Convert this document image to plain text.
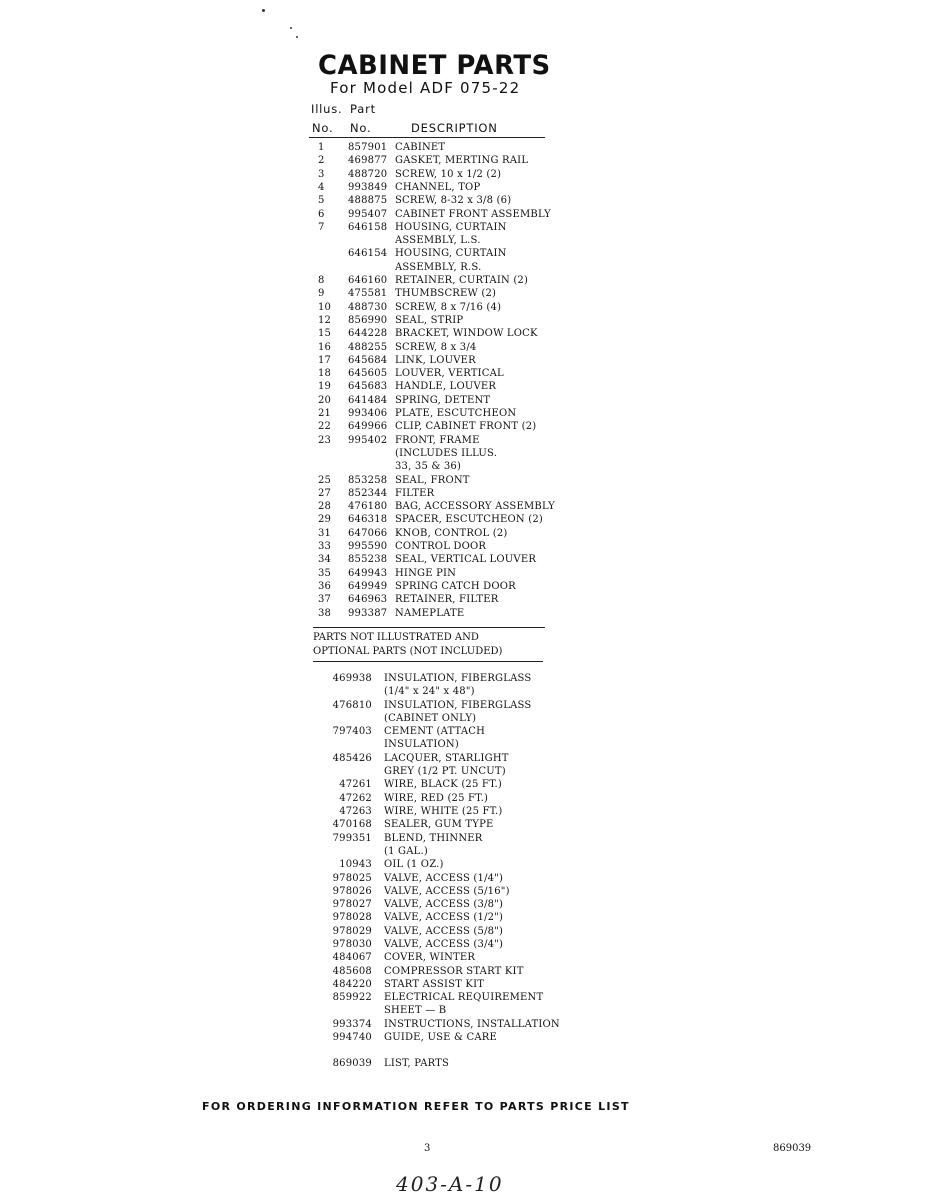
CABINET PARTS
For Model ADF 075-22
Illus. Part
No. No.	DESCRIPTION
1	857901 CABINET
2	469877 GASKET, MERTING RAIL
3	488720 SCREW, 10 x 1/2 (2)
4	993849 CHANNEL, TOP
5	488875 SCREW, 8-32 x 3/8 (6)
6	995407 CABINET FRONT ASSEMBLY
7	646158 HOUSING, CURTAIN
ASSEMBLY, L.S.
646154 HOUSING, CURTAIN
ASSEMBLY, R.S.
8	646160 RETAINER, CURTAIN (2)
9	475581 THUMBSCREW (2)
10	488730 SCREW, 8 x 7/16 (4)
12	856990 SEAL, STRIP
15	644228 BRACKET, WINDOW LOCK
16	488255 SCREW, 8 x 3/4
17	645684 LINK, LOUVER
18	645605 LOUVER, VERTICAL
19	645683 HANDLE, LOUVER
20	641484 SPRING, DETENT
21	993406 PLATE, ESCUTCHEON
22	649966 CLIP, CABINET FRONT (2)
23	995402 FRONT, FRAME
(INCLUDES ILLUS.
33, 35 & 36)
25	853258 SEAL, FRONT
27	852344 FILTER
28	476180 BAG, ACCESSORY ASSEMBLY
29	646318 SPACER, ESCUTCHEON (2)
31	647066 KNOB, CONTROL (2)
33	995590 CONTROL DOOR
34	855238 SEAL, VERTICAL LOUVER
35	649943 HINGE PIN
36	649949 SPRING CATCH DOOR
37	646963 RETAINER, FILTER
38	993387 NAMEPLATE
PARTS NOT ILLUSTRATED AND
OPTIONAL PARTS (NOT INCLUDED)
469938 INSULATION, FIBERGLASS
(1/4" x 24" x 48")
476810 INSULATION, FIBERGLASS
(CABINET ONLY)
797403 CEMENT (ATTACH
INSULATION)
485426 LACQUER, STARLIGHT
GREY (1/2 PT. UNCUT)
47261 WIRE, BLACK (25 FT.)
47262 WIRE, RED (25 FT.)
47263 WIRE, WHITE (25 FT.)
470168 SEALER, GUM TYPE
799351 BLEND, THINNER
(1 GAL.)
10943 OIL (1 OZ.)
978025 VALVE, ACCESS (1/4")
978026 VALVE, ACCESS (5/16")
978027 VALVE, ACCESS (3/8")
978028 VALVE, ACCESS (1/2")
978029 VALVE, ACCESS (5/8")
978030 VALVE, ACCESS (3/4")
484067 COVER, WINTER
485608 COMPRESSOR START KIT
484220 START ASSIST KIT
859922 ELECTRICAL REQUIREMENT
SHEET — B
993374 INSTRUCTIONS, INSTALLATION
994740 GUIDE, USE & CARE
869039 LIST, PARTS
FOR ORDERING INFORMATION REFER TO PARTS PRICE LIST
3	869039
403-A-10
